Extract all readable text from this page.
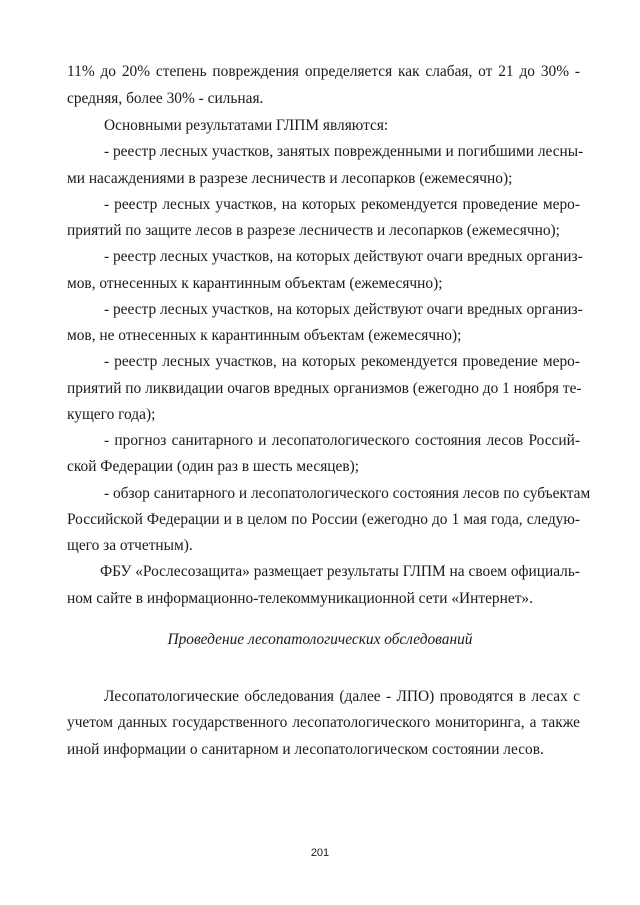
11% до 20% степень повреждения определяется как слабая, от 21 до 30% -
средняя, более 30% - сильная.
Основными результатами ГЛПМ являются:
- реестр лесных участков, занятых поврежденными и погибшими лесны-
ми насаждениями в разрезе лесничеств и лесопарков (ежемесячно);
- реестр лесных участков, на которых рекомендуется проведение меро-
приятий по защите лесов в разрезе лесничеств и лесопарков (ежемесячно);
- реестр лесных участков, на которых действуют очаги вредных организ-
мов, отнесенных к карантинным объектам (ежемесячно);
- реестр лесных участков, на которых действуют очаги вредных организ-
мов, не отнесенных к карантинным объектам (ежемесячно);
- реестр лесных участков, на которых рекомендуется проведение меро-
приятий по ликвидации очагов вредных организмов (ежегодно до 1 ноября те-
кущего года);
- прогноз санитарного и лесопатологического состояния лесов Россий-
ской Федерации (один раз в шесть месяцев);
- обзор санитарного и лесопатологического состояния лесов по субъектам
Российской Федерации и в целом по России (ежегодно до 1 мая года, следую-
щего за отчетным).
ФБУ «Рослесозащита» размещает результаты ГЛПМ на своем официаль-
ном сайте в информационно-телекоммуникационной сети «Интернет».
Проведение лесопатологических обследований
Лесопатологические обследования (далее - ЛПО) проводятся в лесах с
учетом данных государственного лесопатологического мониторинга, а также
иной информации о санитарном и лесопатологическом состоянии лесов.
201
